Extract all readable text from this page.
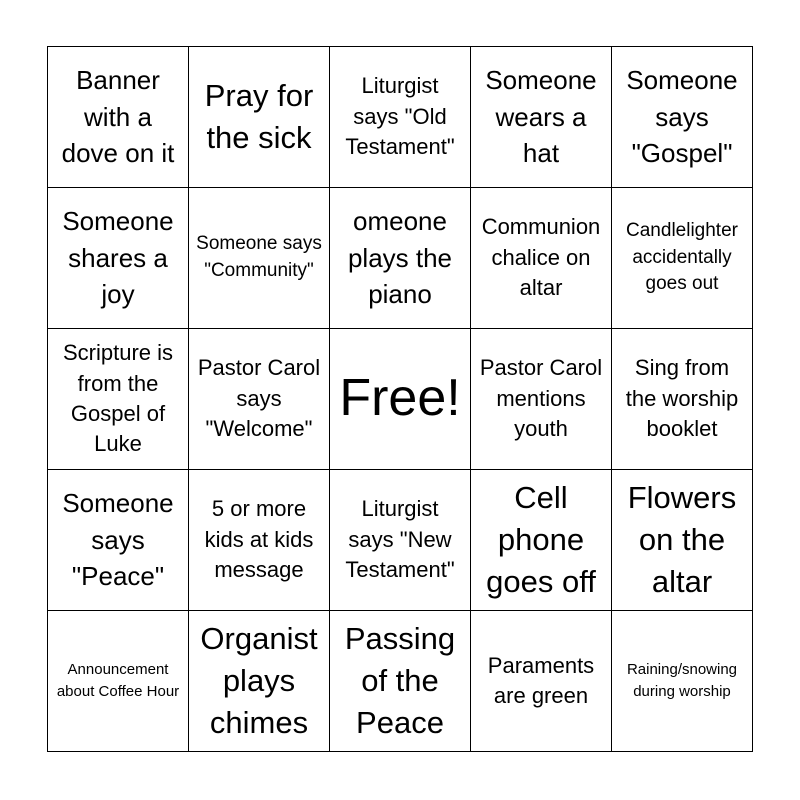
Banner with a dove on it
Pray for the sick
Liturgist says "Old Testament"
Someone wears a hat
Someone says "Gospel"
Someone shares a joy
Someone says "Community"
omeone plays the piano
Communion chalice on altar
Candlelighter accidentally goes out
Scripture is from the Gospel of Luke
Pastor Carol says "Welcome"
Free!
Pastor Carol mentions youth
Sing from the worship booklet
Someone says "Peace"
5 or more kids at kids message
Liturgist says "New Testament"
Cell phone goes off
Flowers on the altar
Announcement about Coffee Hour
Organist plays chimes
Passing of the Peace
Paraments are green
Raining/snowing during worship
